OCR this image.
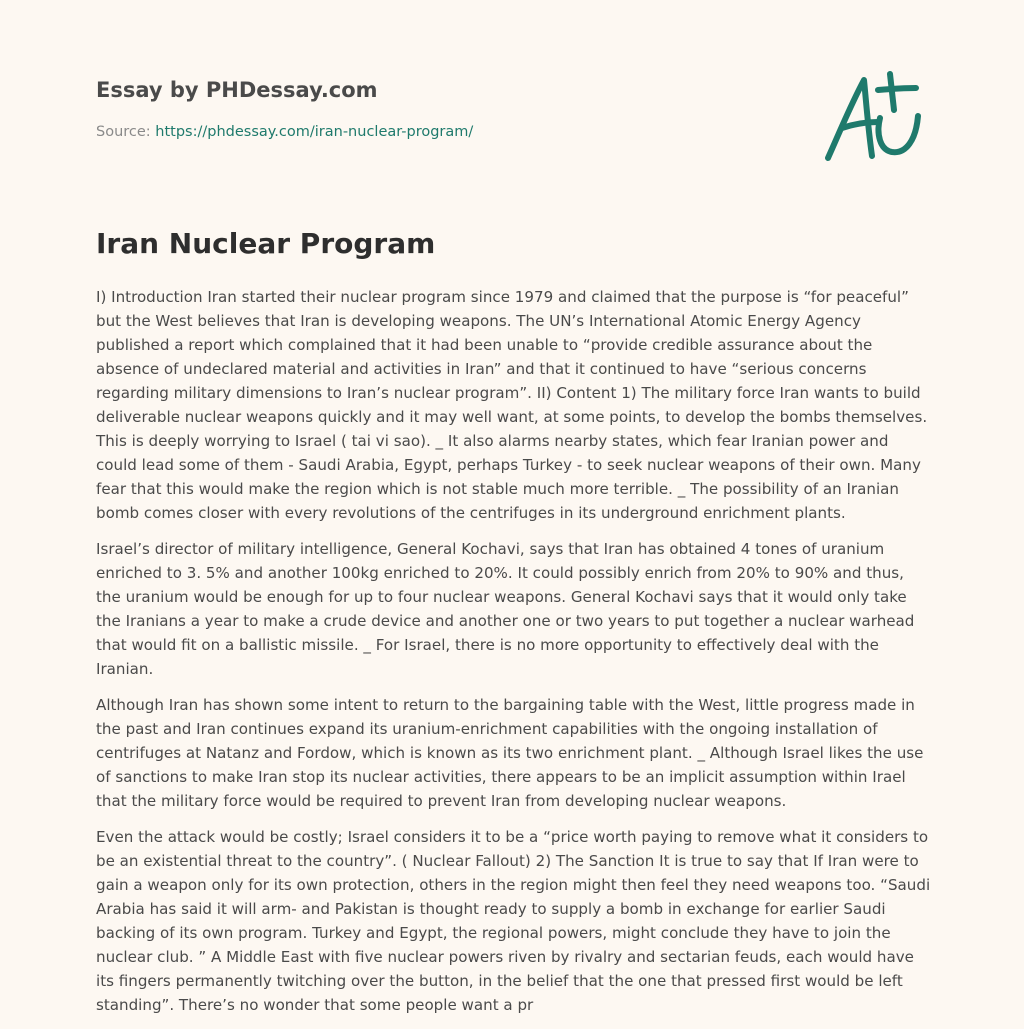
Essay by PHDessay.com
Source: https://phdessay.com/iran-nuclear-program/
Iran Nuclear Program

I) Introduction Iran started their nuclear program since 1979 and claimed that the purpose is “for peaceful” but the West believes that Iran is developing weapons. The UN’s International Atomic Energy Agency published a report which complained that it had been unable to “provide credible assurance about the absence of undeclared material and activities in Iran” and that it continued to have “serious concerns regarding military dimensions to Iran’s nuclear program”. II) Content 1) The military force Iran wants to build deliverable nuclear weapons quickly and it may well want, at some points, to develop the bombs themselves. This is deeply worrying to Israel ( tai vi sao). _ It also alarms nearby states, which fear Iranian power and could lead some of them - Saudi Arabia, Egypt, perhaps Turkey - to seek nuclear weapons of their own. Many fear that this would make the region which is not stable much more terrible. _ The possibility of an Iranian bomb comes closer with every revolutions of the centrifuges in its underground enrichment plants.

Israel’s director of military intelligence, General Kochavi, says that Iran has obtained 4 tones of uranium enriched to 3. 5% and another 100kg enriched to 20%. It could possibly enrich from 20% to 90% and thus, the uranium would be enough for up to four nuclear weapons. General Kochavi says that it would only take the Iranians a year to make a crude device and another one or two years to put together a nuclear warhead that would fit on a ballistic missile. _ For Israel, there is no more opportunity to effectively deal with the Iranian.

Although Iran has shown some intent to return to the bargaining table with the West, little progress made in the past and Iran continues expand its uranium-enrichment capabilities with the ongoing installation of centrifuges at Natanz and Fordow, which is known as its two enrichment plant. _ Although Israel likes the use of sanctions to make Iran stop its nuclear activities, there appears to be an implicit assumption within Irael that the military force would be required to prevent Iran from developing nuclear weapons.

Even the attack would be costly; Israel considers it to be a “price worth paying to remove what it considers to be an existential threat to the country”. ( Nuclear Fallout) 2) The Sanction It is true to say that If Iran were to gain a weapon only for its own protection, others in the region might then feel they need weapons too. “Saudi Arabia has said it will arm- and Pakistan is thought ready to supply a bomb in exchange for earlier Saudi backing of its own program. Turkey and Egypt, the regional powers, might conclude they have to join the nuclear club. ” A Middle East with five nuclear powers riven by rivalry and sectarian feuds, each would have its fingers permanently twitching over the button, in the belief that the one that pressed first would be left standing”. There’s no wonder that some people want a pr
